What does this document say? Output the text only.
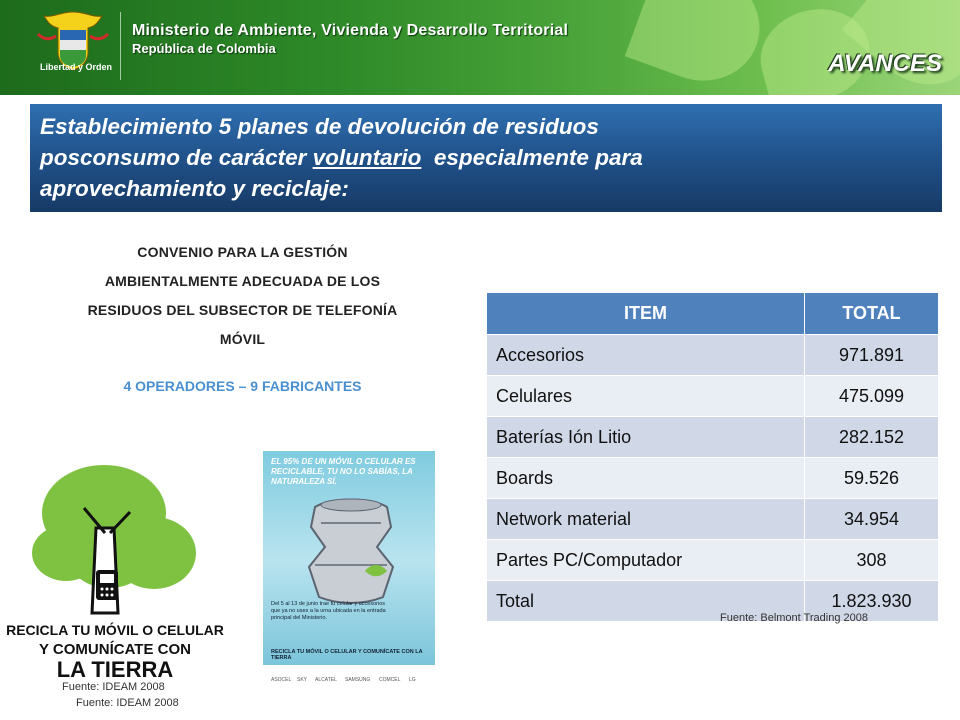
Libertad y Orden
Ministerio de Ambiente, Vivienda y Desarrollo Territorial
República de Colombia
AVANCES

Establecimiento 5 planes de devolución de residuos
posconsumo de carácter voluntario  especialmente para
aprovechamiento y reciclaje:

CONVENIO PARA LA GESTIÓN
AMBIENTALMENTE ADECUADA DE LOS
RESIDUOS DEL SUBSECTOR DE TELEFONÍA
MÓVIL
4 OPERADORES – 9 FABRICANTES
ITEM	TOTAL
Accesorios	971.891
Celulares	475.099
Baterías Ión Litio	282.152
Boards	59.526
Network material	34.954
Partes PC/Computador	308
Total	1.823.930
Fuente: Belmont Trading 2008
RECICLA TU MÓVIL O CELULAR
Y COMUNÍCATE CON
LA TIERRA
Fuente: IDEAM 2008
Fuente: IDEAM 2008
EL 95% DE UN MÓVIL O CELULAR ES RECICLABLE, TU NO LO SABÍAS, LA NATURALEZA SÍ.
Del 5 al 13 de junio trae tu celular y accesorios que ya no uses a la urna ubicada en la entrada principal del Ministerio.
RECICLA TU MÓVIL O CELULAR Y COMUNÍCATE CON LA TIERRA
ASOCEL SKY ALCATEL SAMSUNG COMCEL LG
